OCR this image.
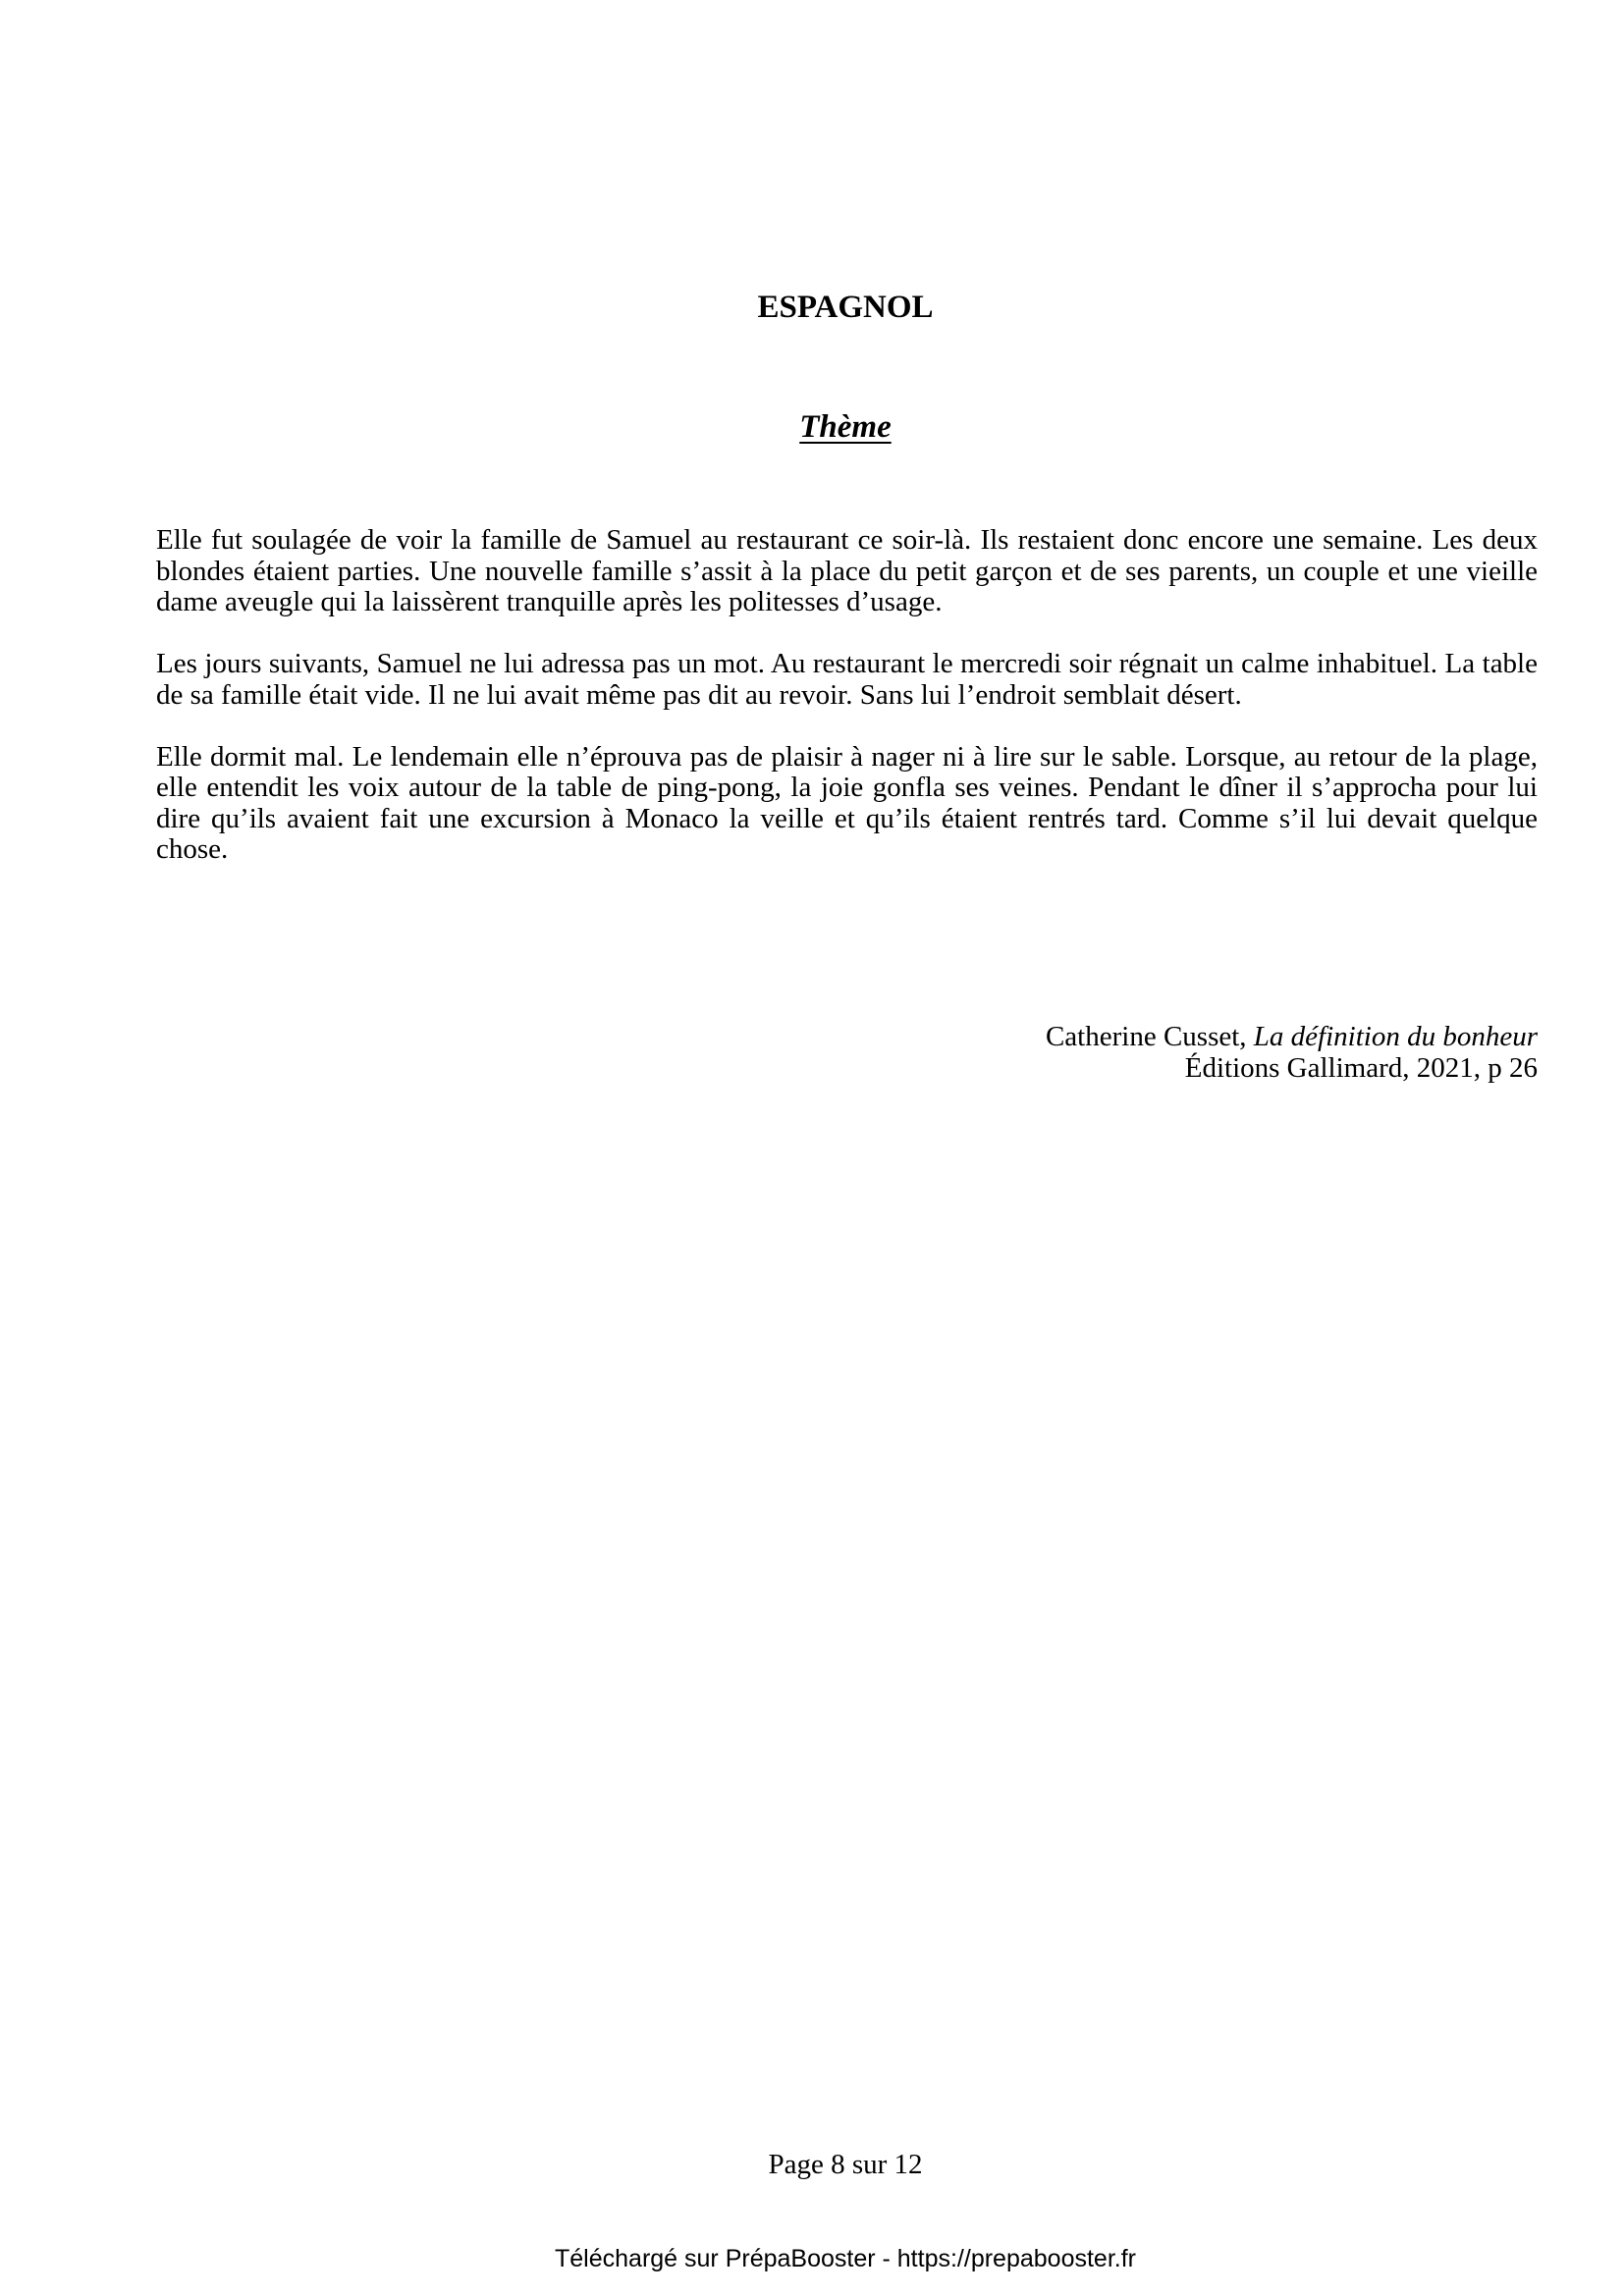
ESPAGNOL
Thème

Elle fut soulagée de voir la famille de Samuel au restaurant ce soir-là. Ils restaient donc encore une semaine. Les deux blondes étaient parties. Une nouvelle famille s’assit à la place du petit garçon et de ses parents, un couple et une vieille dame aveugle qui la laissèrent tranquille après les politesses d’usage.

Les jours suivants, Samuel ne lui adressa pas un mot. Au restaurant le mercredi soir régnait un calme inhabituel. La table de sa famille était vide. Il ne lui avait même pas dit au revoir. Sans lui l’endroit semblait désert.

Elle dormit mal. Le lendemain elle n’éprouva pas de plaisir à nager ni à lire sur le sable. Lorsque, au retour de la plage, elle entendit les voix autour de la table de ping-pong, la joie gonfla ses veines. Pendant le dîner il s’approcha pour lui dire qu’ils avaient fait une excursion à Monaco la veille et qu’ils étaient rentrés tard. Comme s’il lui devait quelque chose.

Catherine Cusset, La définition du bonheur
Éditions Gallimard, 2021, p 26
Page 8 sur 12
Téléchargé sur PrépaBooster - https://prepabooster.fr
